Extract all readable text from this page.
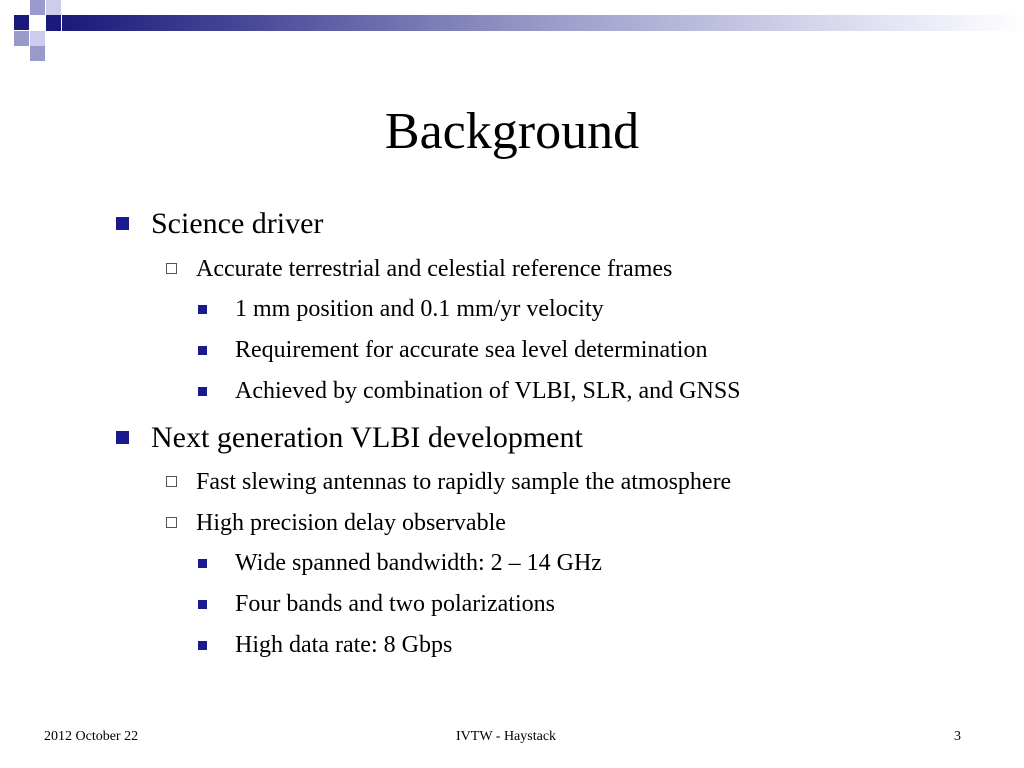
Background
Science driver
Accurate terrestrial and celestial reference frames
1 mm position and 0.1 mm/yr velocity
Requirement for accurate sea level determination
Achieved by combination of VLBI, SLR, and GNSS
Next generation VLBI development
Fast slewing antennas to rapidly sample the atmosphere
High precision delay observable
Wide spanned bandwidth: 2 – 14 GHz
Four bands and two polarizations
High data rate: 8 Gbps
2012 October 22	IVTW - Haystack	3
